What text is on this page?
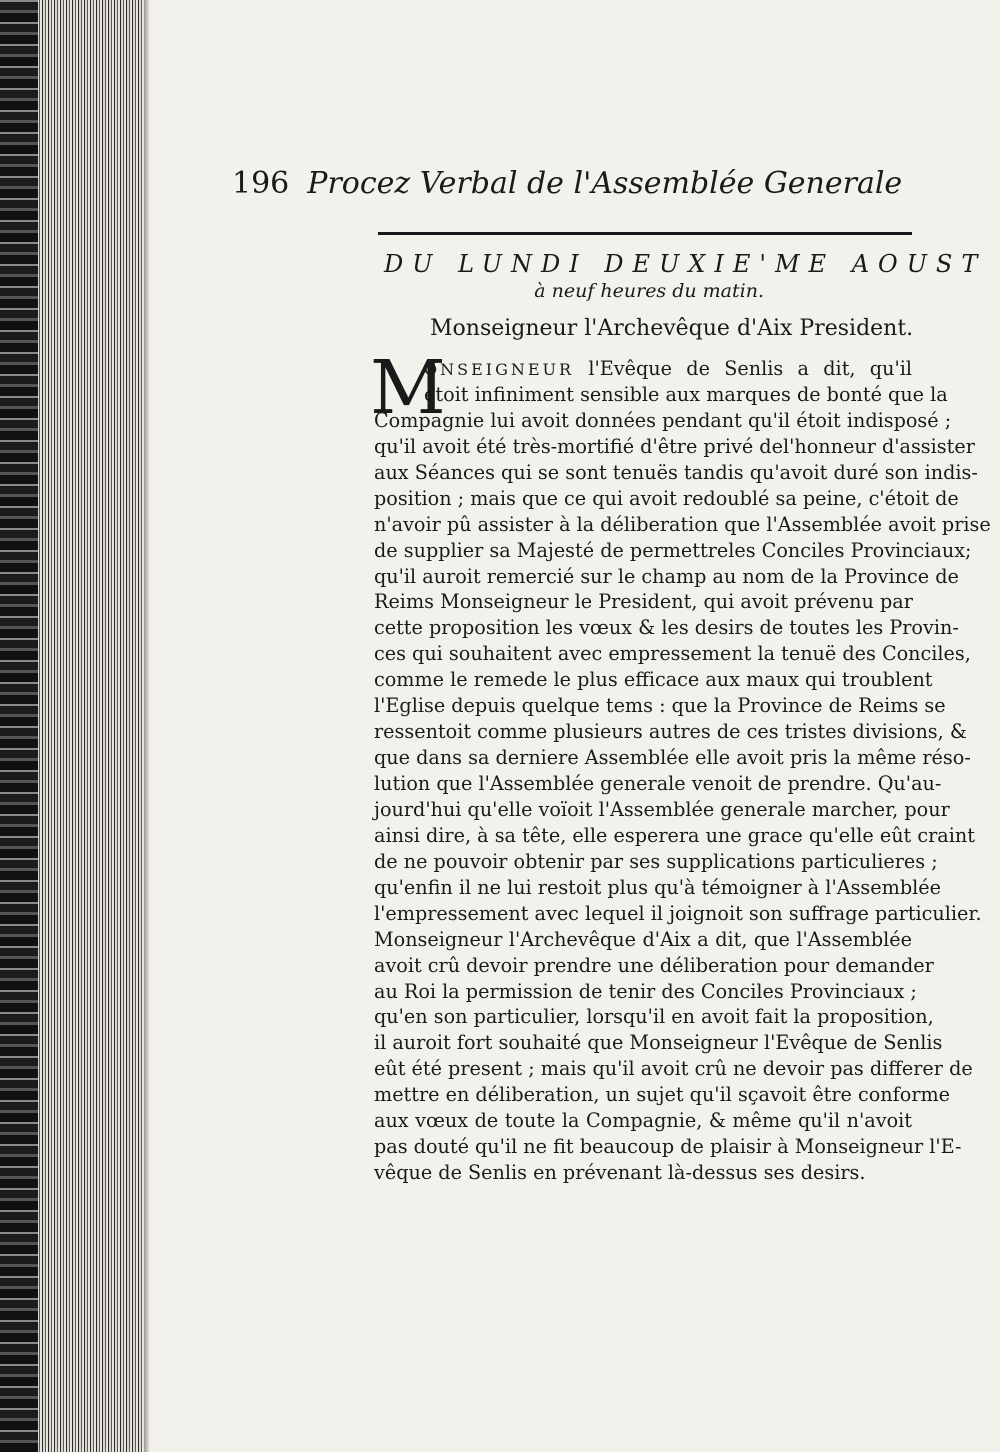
196 Procez Verbal de l'Assemblée Generale
DU LUNDI DEUXIE'ME AOUST
à neuf heures du matin.
Monseigneur l'Archevêque d'Aix President.
M
ONSEIGNEUR l'Evêque de Senlis a dit, qu'il
étoit infiniment sensible aux marques de bonté que la
Compagnie lui avoit données pendant qu'il étoit indisposé ;
qu'il avoit été très-mortifié d'être privé del'honneur d'assister
aux Séances qui se sont tenuës tandis qu'avoit duré son indis-
position ; mais que ce qui avoit redoublé sa peine, c'étoit de
n'avoir pû assister à la déliberation que l'Assemblée avoit prise
de supplier sa Majesté de permettreles Conciles Provinciaux;
qu'il auroit remercié sur le champ au nom de la Province de
Reims Monseigneur le President, qui avoit prévenu par
cette proposition les vœux & les desirs de toutes les Provin-
ces qui souhaitent avec empressement la tenuë des Conciles,
comme le remede le plus efficace aux maux qui troublent
l'Eglise depuis quelque tems : que la Province de Reims se
ressentoit comme plusieurs autres de ces tristes divisions, &
que dans sa derniere Assemblée elle avoit pris la même réso-
lution que l'Assemblée generale venoit de prendre. Qu'au-
jourd'hui qu'elle voïoit l'Assemblée generale marcher, pour
ainsi dire, à sa tête, elle esperera une grace qu'elle eût craint
de ne pouvoir obtenir par ses supplications particulieres ;
qu'enfin il ne lui restoit plus qu'à témoigner à l'Assemblée
l'empressement avec lequel il joignoit son suffrage particulier.
Monseigneur l'Archevêque d'Aix a dit, que l'Assemblée
avoit crû devoir prendre une déliberation pour demander
au Roi la permission de tenir des Conciles Provinciaux ;
qu'en son particulier, lorsqu'il en avoit fait la proposition,
il auroit fort souhaité que Monseigneur l'Evêque de Senlis
eût été present ; mais qu'il avoit crû ne devoir pas differer de
mettre en déliberation, un sujet qu'il sçavoit être conforme
aux vœux de toute la Compagnie, & même qu'il n'avoit
pas douté qu'il ne fit beaucoup de plaisir à Monseigneur l'E-
vêque de Senlis en prévenant là-dessus ses desirs.
